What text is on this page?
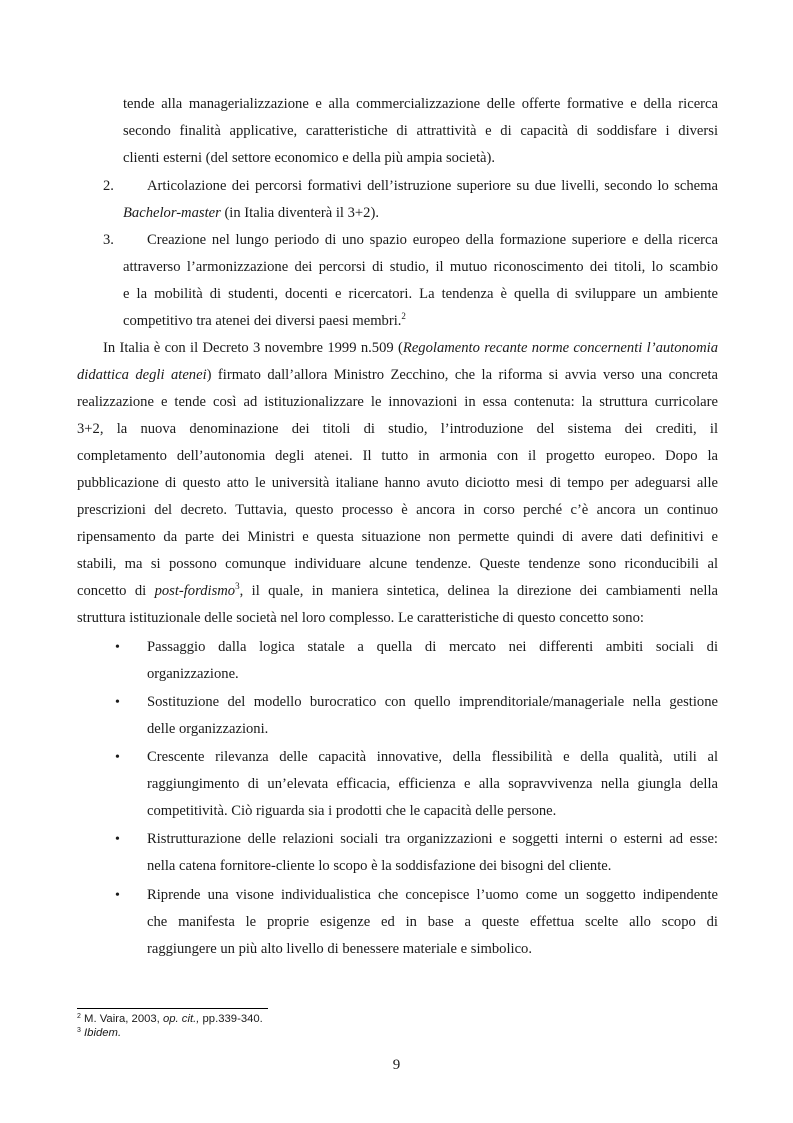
tende alla managerializzazione e alla commercializzazione delle offerte formative e della ricerca
secondo finalità applicative, caratteristiche di attrattività e di capacità di soddisfare i diversi
clienti esterni (del settore economico e della più ampia società).
2. Articolazione dei percorsi formativi dell’istruzione superiore su due livelli, secondo lo schema
Bachelor-master (in Italia diventerà il 3+2).
3. Creazione nel lungo periodo di uno spazio europeo della formazione superiore e della ricerca
attraverso l’armonizzazione dei percorsi di studio, il mutuo riconoscimento dei titoli, lo scambio
e la mobilità di studenti, docenti e ricercatori. La tendenza è quella di sviluppare un ambiente
competitivo tra atenei dei diversi paesi membri.$^2$
In Italia è con il Decreto 3 novembre 1999 n.509 (Regolamento recante norme concernenti l’autonomia
didattica degli atenei) firmato dall’allora Ministro Zecchino, che la riforma si avvia verso una concreta
realizzazione e tende così ad istituzionalizzare le innovazioni in essa contenuta: la struttura curricolare
3+2, la nuova denominazione dei titoli di studio, l’introduzione del sistema dei crediti, il
completamento dell’autonomia degli atenei. Il tutto in armonia con il progetto europeo. Dopo la
pubblicazione di questo atto le università italiane hanno avuto diciotto mesi di tempo per adeguarsi alle
prescrizioni del decreto. Tuttavia, questo processo è ancora in corso perché c’è ancora un continuo
ripensamento da parte dei Ministri e questa situazione non permette quindi di avere dati definitivi e
stabili, ma si possono comunque individuare alcune tendenze. Queste tendenze sono riconducibili al
concetto di post-fordismo$^3$, il quale, in maniera sintetica, delinea la direzione dei cambiamenti nella
struttura istituzionale delle società nel loro complesso. Le caratteristiche di questo concetto sono:
• Passaggio dalla logica statale a quella di mercato nei differenti ambiti sociali di
organizzazione.
• Sostituzione del modello burocratico con quello imprenditoriale/manageriale nella gestione
delle organizzazioni.
• Crescente rilevanza delle capacità innovative, della flessibilità e della qualità, utili al
raggiungimento di un’elevata efficacia, efficienza e alla sopravvivenza nella giungla della
competitività. Ciò riguarda sia i prodotti che le capacità delle persone.
• Ristrutturazione delle relazioni sociali tra organizzazioni e soggetti interni o esterni ad esse:
nella catena fornitore-cliente lo scopo è la soddisfazione dei bisogni del cliente.
• Riprende una visone individualistica che concepisce l’uomo come un soggetto indipendente
che manifesta le proprie esigenze ed in base a queste effettua scelte allo scopo di
raggiungere un più alto livello di benessere materiale e simbolico.
$^2$ M. Vaira, 2003, op. cit., pp.339-340.
$^3$ Ibidem.
9
